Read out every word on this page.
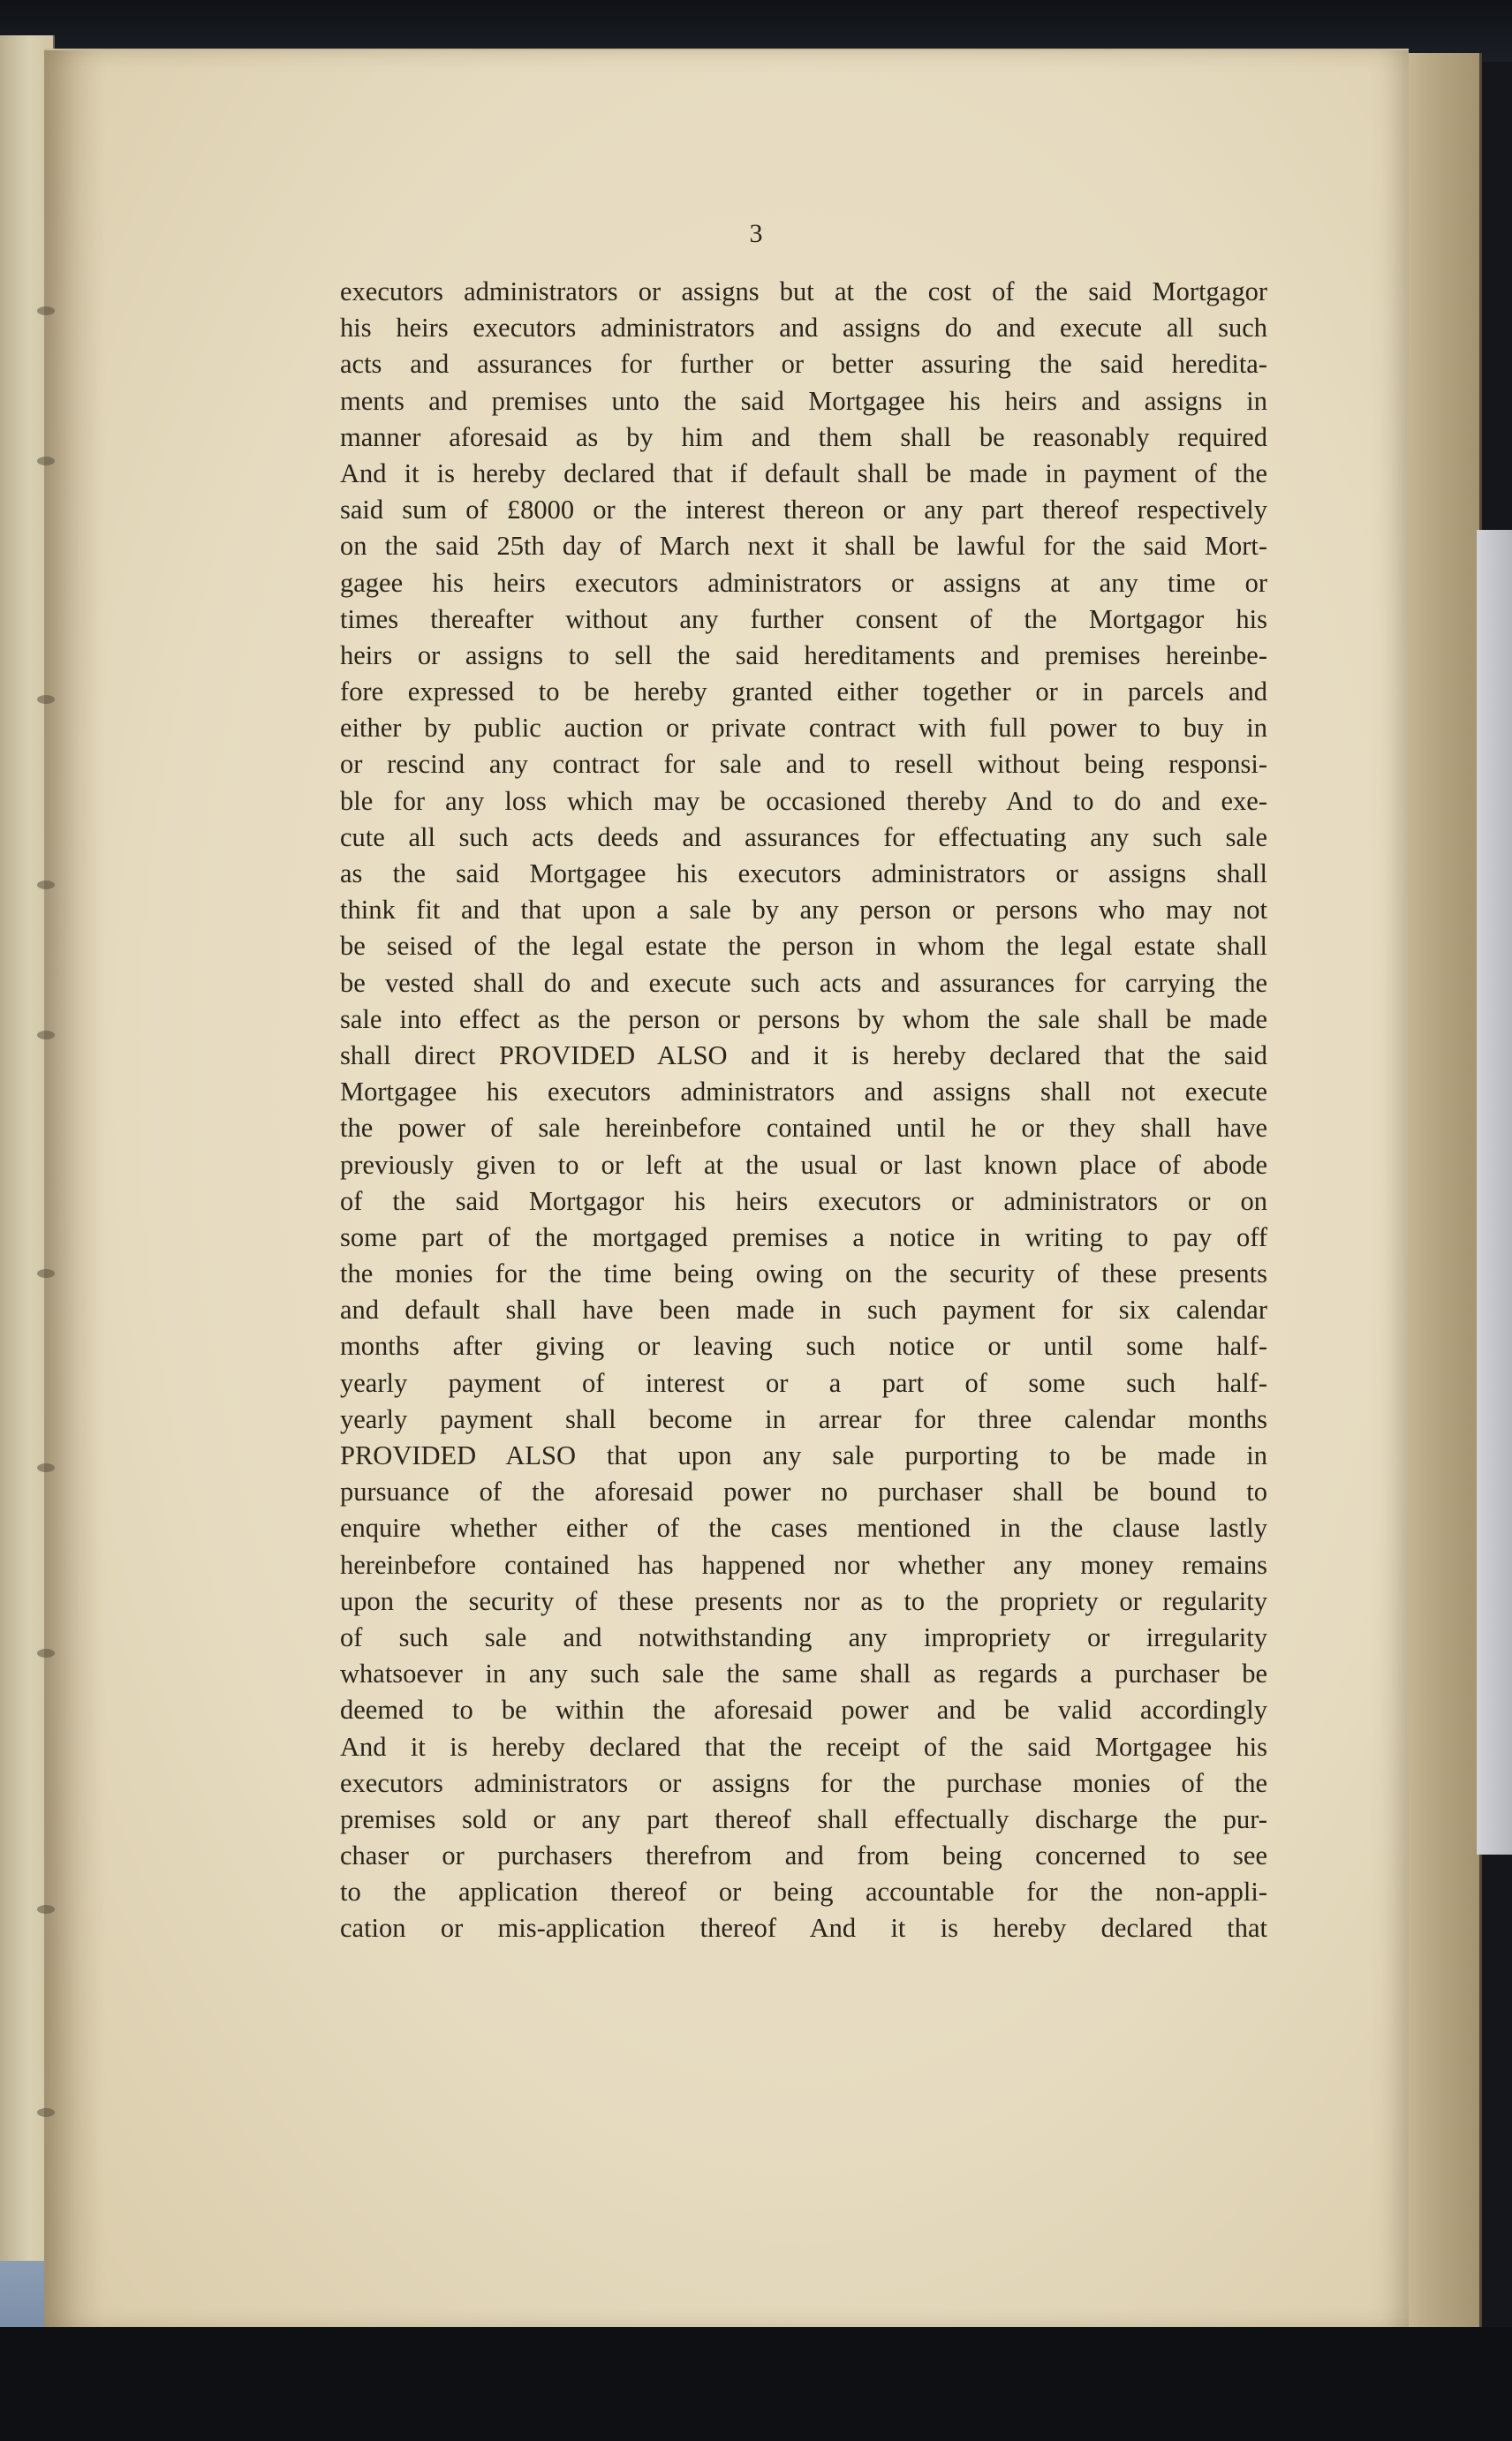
3
executors administrators or assigns but at the cost of the said Mortgagor
his heirs executors administrators and assigns do and execute all such
acts and assurances for further or better assuring the said heredita-
ments and premises unto the said Mortgagee his heirs and assigns in
manner aforesaid as by him and them shall be reasonably required
And it is hereby declared that if default shall be made in payment of the
said sum of £8000 or the interest thereon or any part thereof respectively
on the said 25th day of March next it shall be lawful for the said Mort-
gagee his heirs executors administrators or assigns at any time or
times thereafter without any further consent of the Mortgagor his
heirs or assigns to sell the said hereditaments and premises hereinbe-
fore expressed to be hereby granted either together or in parcels and
either by public auction or private contract with full power to buy in
or rescind any contract for sale and to resell without being responsi-
ble for any loss which may be occasioned thereby And to do and exe-
cute all such acts deeds and assurances for effectuating any such sale
as the said Mortgagee his executors administrators or assigns shall
think fit and that upon a sale by any person or persons who may not
be seised of the legal estate the person in whom the legal estate shall
be vested shall do and execute such acts and assurances for carrying the
sale into effect as the person or persons by whom the sale shall be made
shall direct PROVIDED ALSO and it is hereby declared that the said
Mortgagee his executors administrators and assigns shall not execute
the power of sale hereinbefore contained until he or they shall have
previously given to or left at the usual or last known place of abode
of the said Mortgagor his heirs executors or administrators or on
some part of the mortgaged premises a notice in writing to pay off
the monies for the time being owing on the security of these presents
and default shall have been made in such payment for six calendar
months after giving or leaving such notice or until some half-
yearly payment of interest or a part of some such half-
yearly payment shall become in arrear for three calendar months
PROVIDED ALSO that upon any sale purporting to be made in
pursuance of the aforesaid power no purchaser shall be bound to
enquire whether either of the cases mentioned in the clause lastly
hereinbefore contained has happened nor whether any money remains
upon the security of these presents nor as to the propriety or regularity
of such sale and notwithstanding any impropriety or irregularity
whatsoever in any such sale the same shall as regards a purchaser be
deemed to be within the aforesaid power and be valid accordingly
And it is hereby declared that the receipt of the said Mortgagee his
executors administrators or assigns for the purchase monies of the
premises sold or any part thereof shall effectually discharge the pur-
chaser or purchasers therefrom and from being concerned to see
to the application thereof or being accountable for the non-appli-
cation or mis-application thereof And it is hereby declared that
